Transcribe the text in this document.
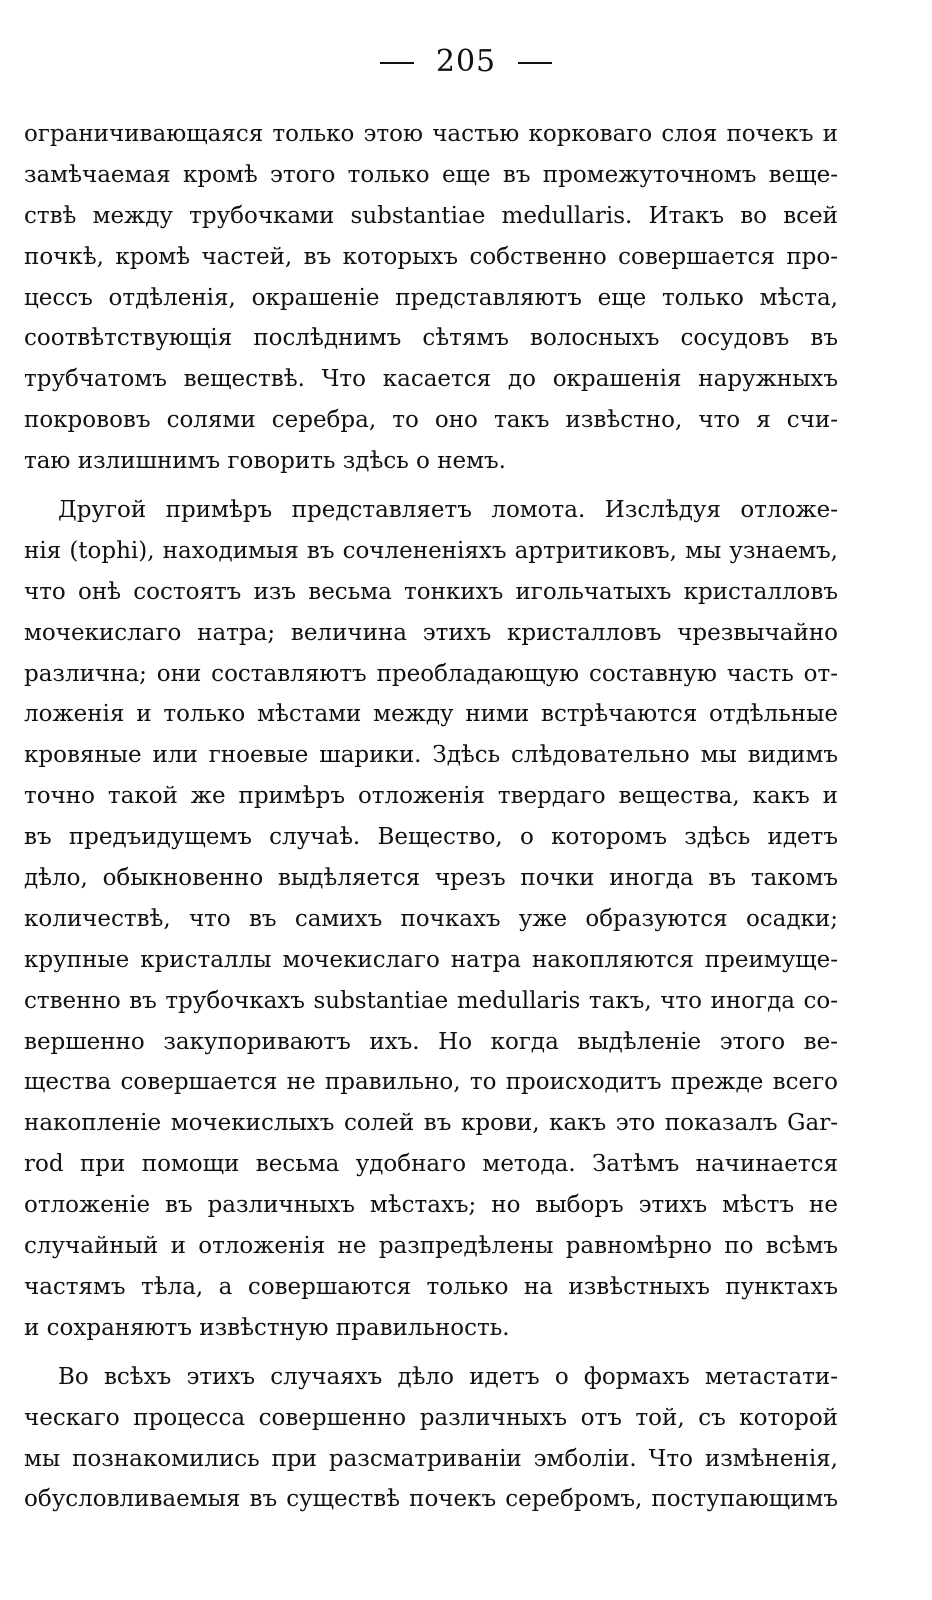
205
ограничивающаяся только этою частью корковаго слоя почекъ и
замѣчаемая кромѣ этого только еще въ промежуточномъ веще-
ствѣ между трубочками substantiae medullaris. Итакъ во всей
почкѣ, кромѣ частей, въ которыхъ собственно совершается про-
цессъ отдѣленія, окрашеніе представляютъ еще только мѣста,
соотвѣтствующія послѣднимъ сѣтямъ волосныхъ сосудовъ въ
трубчатомъ веществѣ. Что касается до окрашенія наружныхъ
покрововъ солями серебра, то оно такъ извѣстно, что я счи-
таю излишнимъ говорить здѣсь о немъ.
Другой примѣръ представляетъ ломота. Изслѣдуя отложе-
нія (tophi), находимыя въ сочлененіяхъ артритиковъ, мы узнаемъ,
что онѣ состоятъ изъ весьма тонкихъ игольчатыхъ кристалловъ
мочекислаго натра; величина этихъ кристалловъ чрезвычайно
различна; они составляютъ преобладающую составную часть от-
ложенія и только мѣстами между ними встрѣчаются отдѣльные
кровяные или гноевые шарики. Здѣсь слѣдовательно мы видимъ
точно такой же примѣръ отложенія твердаго вещества, какъ и
въ предъидущемъ случаѣ. Вещество, о которомъ здѣсь идетъ
дѣло, обыкновенно выдѣляется чрезъ почки иногда въ такомъ
количествѣ, что въ самихъ почкахъ уже образуются осадки;
крупные кристаллы мочекислаго натра накопляются преимуще-
ственно въ трубочкахъ substantiae medullaris такъ, что иногда со-
вершенно закупориваютъ ихъ. Но когда выдѣленіе этого ве-
щества совершается не правильно, то происходитъ прежде всего
накопленіе мочекислыхъ солей въ крови, какъ это показалъ Gar-
rod при помощи весьма удобнаго метода. Затѣмъ начинается
отложеніе въ различныхъ мѣстахъ; но выборъ этихъ мѣстъ не
случайный и отложенія не разпредѣлены равномѣрно по всѣмъ
частямъ тѣла, а совершаются только на извѣстныхъ пунктахъ
и сохраняютъ извѣстную правильность.
Во всѣхъ этихъ случаяхъ дѣло идетъ о формахъ метастати-
ческаго процесса совершенно различныхъ отъ той, съ которой
мы познакомились при разсматриваніи эмболіи. Что измѣненія,
обусловливаемыя въ существѣ почекъ серебромъ, поступающимъ
